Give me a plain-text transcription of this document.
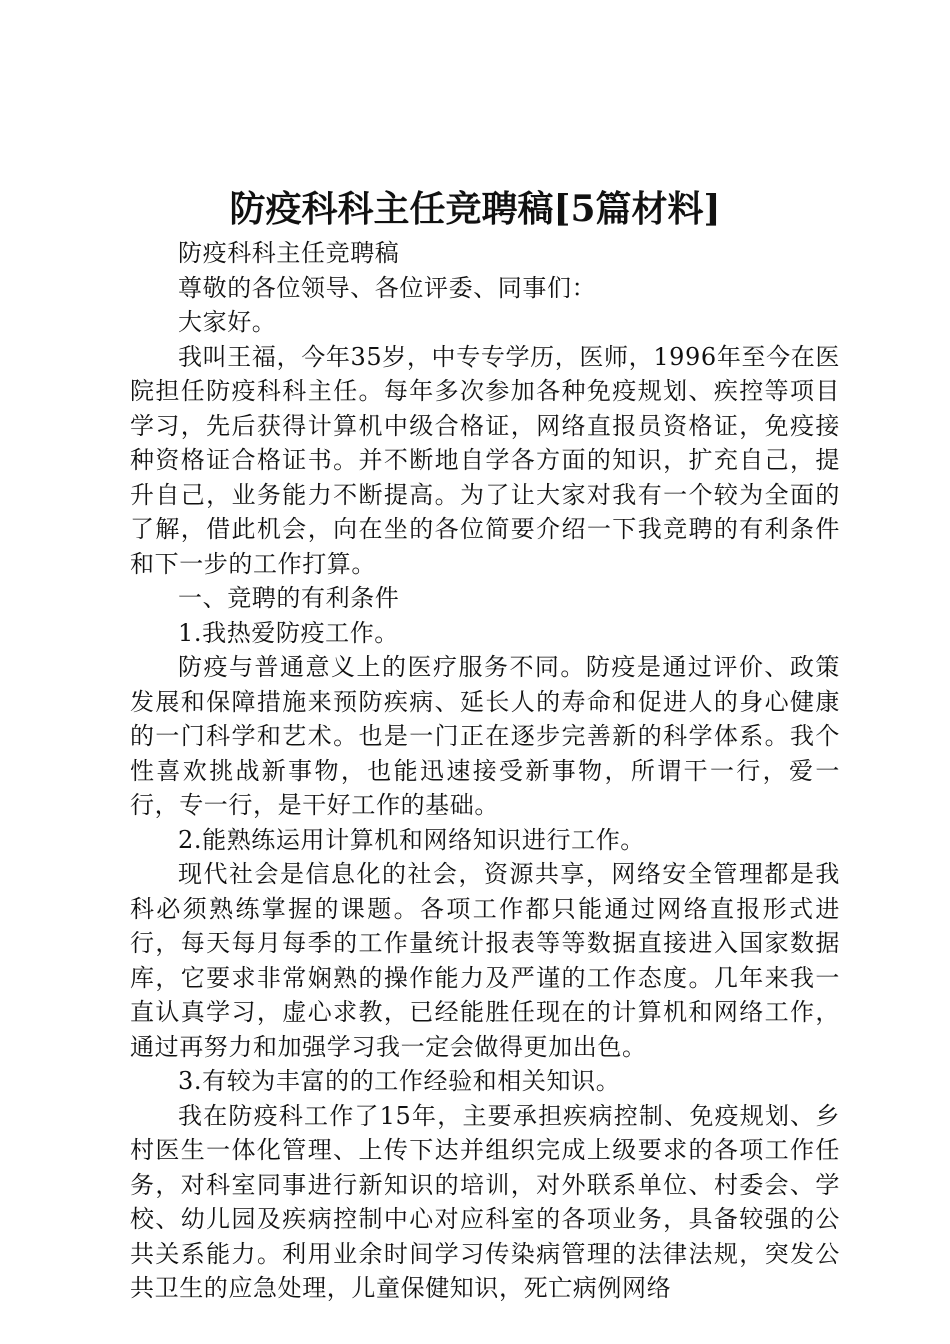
防疫科科主任竞聘稿[5篇材料]

防疫科科主任竞聘稿

尊敬的各位领导、各位评委、同事们：

大家好。

我叫王福，今年35岁，中专专学历，医师，1996年至今在医院担任防疫科科主任。每年多次参加各种免疫规划、疾控等项目学习，先后获得计算机中级合格证，网络直报员资格证，免疫接种资格证合格证书。并不断地自学各方面的知识，扩充自己，提升自己，业务能力不断提高。为了让大家对我有一个较为全面的了解，借此机会，向在坐的各位简要介绍一下我竞聘的有利条件和下一步的工作打算。

一、竞聘的有利条件

1.我热爱防疫工作。

防疫与普通意义上的医疗服务不同。防疫是通过评价、政策发展和保障措施来预防疾病、延长人的寿命和促进人的身心健康的一门科学和艺术。也是一门正在逐步完善新的科学体系。我个性喜欢挑战新事物，也能迅速接受新事物，所谓干一行，爱一行，专一行，是干好工作的基础。

2.能熟练运用计算机和网络知识进行工作。

现代社会是信息化的社会，资源共享，网络安全管理都是我科必须熟练掌握的课题。各项工作都只能通过网络直报形式进行，每天每月每季的工作量统计报表等等数据直接进入国家数据库，它要求非常娴熟的操作能力及严谨的工作态度。几年来我一直认真学习，虚心求教，已经能胜任现在的计算机和网络工作，通过再努力和加强学习我一定会做得更加出色。

3.有较为丰富的的工作经验和相关知识。

我在防疫科工作了15年，主要承担疾病控制、免疫规划、乡村医生一体化管理、上传下达并组织完成上级要求的各项工作任务，对科室同事进行新知识的培训，对外联系单位、村委会、学校、幼儿园及疾病控制中心对应科室的各项业务，具备较强的公共关系能力。利用业余时间学习传染病管理的法律法规，突发公共卫生的应急处理，儿童保健知识，死亡病例网络
